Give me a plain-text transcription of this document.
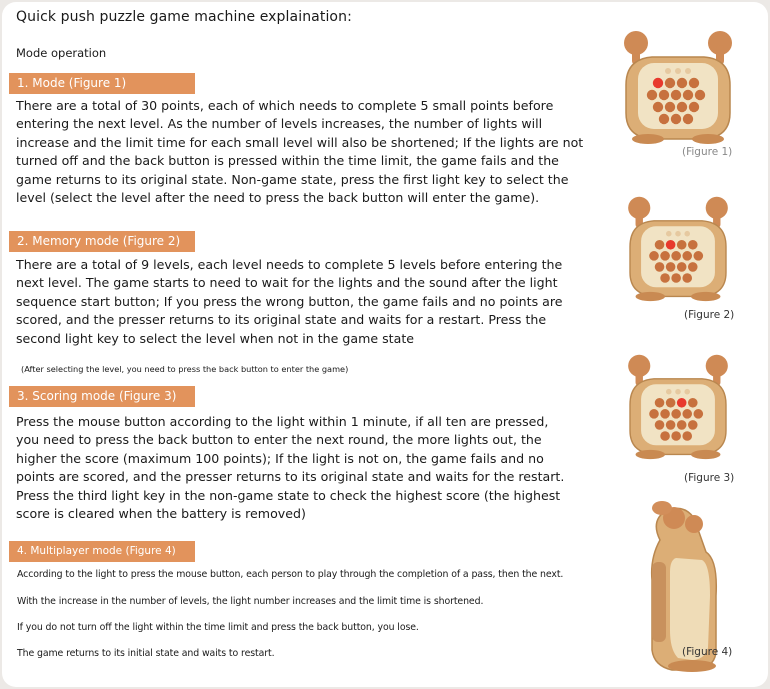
Quick push puzzle game machine explaination:
Mode operation
1. Mode (Figure 1)

There are a total of 30 points, each of which needs to complete 5 small points before

entering the next level. As the number of levels increases, the number of lights will

increase and the limit time for each small level will also be shortened; If the lights are not

turned off and the back button is pressed within the time limit, the game fails and the

game returns to its original state. Non-game state, press the first light key to select the

level (select the level after the need to press the back button will enter the game).

2. Memory mode (Figure 2)

There are a total of 9 levels, each level needs to complete 5 levels before entering the

next level. The game starts to need to wait for the lights and the sound after the light

sequence start button; If you press the wrong button, the game fails and no points are

scored, and the presser returns to its original state and waits for a restart. Press the

second light key to select the level when not in the game state

(After selecting the level, you need to press the back button to enter the game)
3. Scoring mode (Figure 3)

Press the mouse button according to the light within 1 minute, if all ten are pressed,

you need to press the back button to enter the next round, the more lights out, the

higher the score (maximum 100 points); If the light is not on, the game fails and no

points are scored, and the presser returns to its original state and waits for the restart.

Press the third light key in the non-game state to check the highest score (the highest

score is cleared when the battery is removed)

4. Multiplayer mode (Figure 4)
According to the light to press the mouse button, each person to play through the completion of a pass, then the next.
With the increase in the number of levels, the light number increases and the limit time is shortened.
If you do not turn off the light within the time limit and press the back button, you lose.
The game returns to its initial state and waits to restart.
(Figure 1)
(Figure 2)
(Figure 3)
(Figure 4)
